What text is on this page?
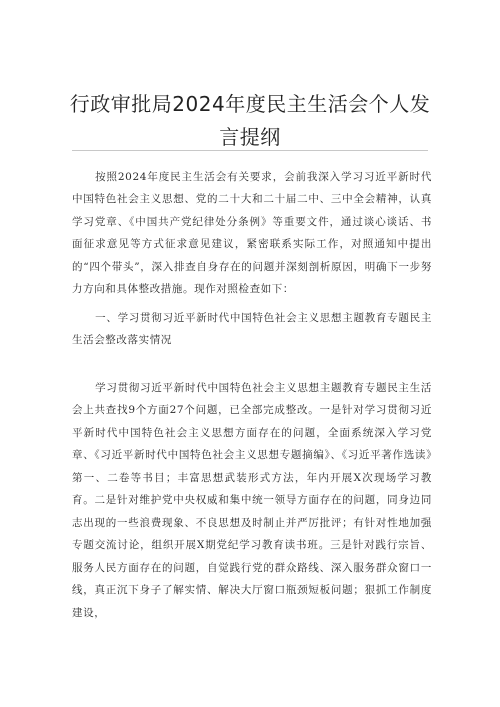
行政审批局2024年度民主生活会个人发言提纲

按照2024年度民主生活会有关要求，会前我深入学习习近平新时代中国特色社会主义思想、党的二十大和二十届二中、三中全会精神，认真学习党章、《中国共产党纪律处分条例》等重要文件，通过谈心谈话、书面征求意见等方式征求意见建议，紧密联系实际工作，对照通知中提出的“四个带头”，深入排查自身存在的问题并深刻剖析原因，明确下一步努力方向和具体整改措施。现作对照检查如下：

一、学习贯彻习近平新时代中国特色社会主义思想主题教育专题民主生活会整改落实情况

学习贯彻习近平新时代中国特色社会主义思想主题教育专题民主生活会上共查找9个方面27个问题，已全部完成整改。一是针对学习贯彻习近平新时代中国特色社会主义思想方面存在的问题，全面系统深入学习党章、《习近平新时代中国特色社会主义思想专题摘编》、《习近平著作选读》第一、二卷等书目；丰富思想武装形式方法，年内开展X次现场学习教育。二是针对维护党中央权威和集中统一领导方面存在的问题，同身边同志出现的一些浪费现象、不良思想及时制止并严厉批评；有针对性地加强专题交流讨论，组织开展X期党纪学习教育读书班。三是针对践行宗旨、服务人民方面存在的问题，自觉践行党的群众路线、深入服务群众窗口一线，真正沉下身子了解实情、解决大厅窗口瓶颈短板问题；狠抓工作制度建设，
